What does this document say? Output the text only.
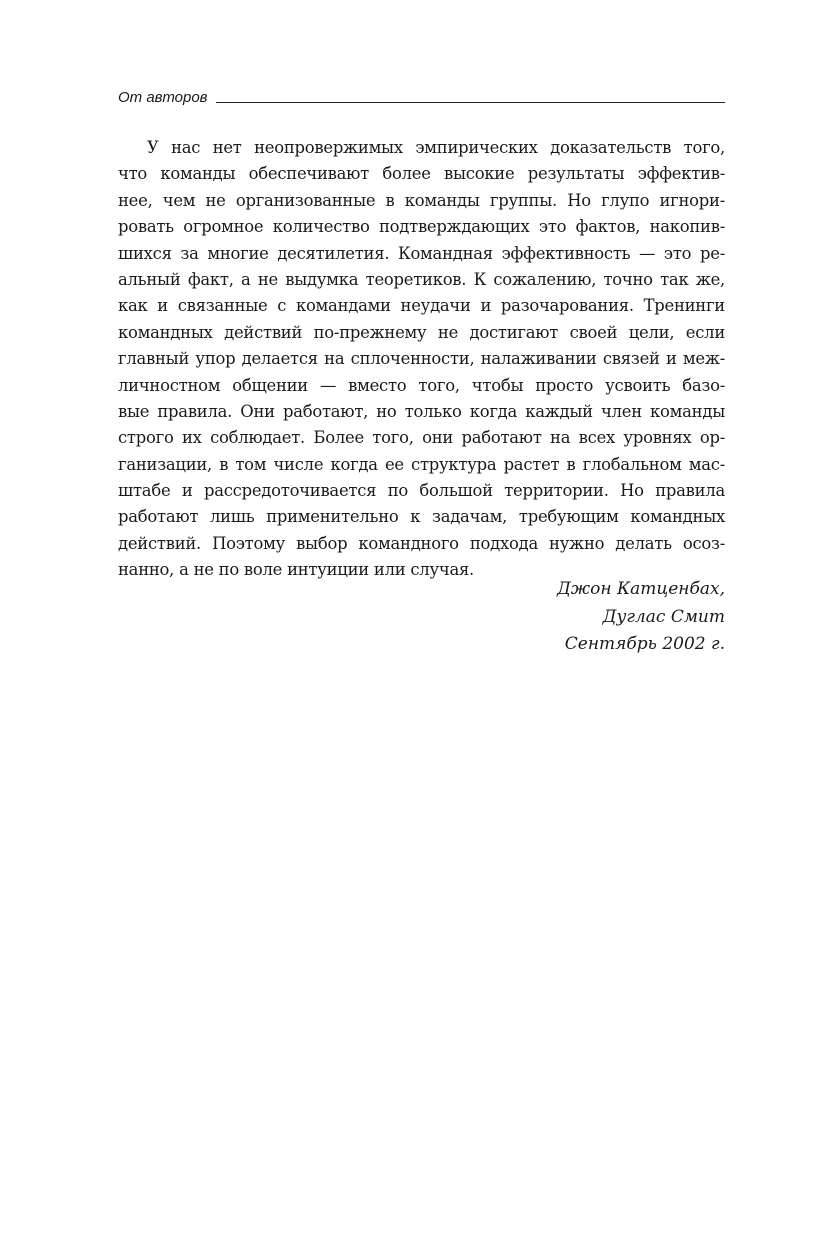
От авторов
У нас нет неопровержимых эмпирических доказательств того,
что команды обеспечивают более высокие результаты эффектив-
нее, чем не организованные в команды группы. Но глупо игнори-
ровать огромное количество подтверждающих это фактов, накопив-
шихся за многие десятилетия. Командная эффективность — это ре-
альный факт, а не выдумка теоретиков. К сожалению, точно так же,
как и связанные с командами неудачи и разочарования. Тренинги
командных действий по-прежнему не достигают своей цели, если
главный упор делается на сплоченности, налаживании связей и меж-
личностном общении — вместо того, чтобы просто усвоить базо-
вые правила. Они работают, но только когда каждый член команды
строго их соблюдает. Более того, они работают на всех уровнях ор-
ганизации, в том числе когда ее структура растет в глобальном мас-
штабе и рассредоточивается по большой территории. Но правила
работают лишь применительно к задачам, требующим командных
действий. Поэтому выбор командного подхода нужно делать осоз-
нанно, а не по воле интуиции или случая.
Джон Катценбах,
Дуглас Смит
Сентябрь 2002 г.
